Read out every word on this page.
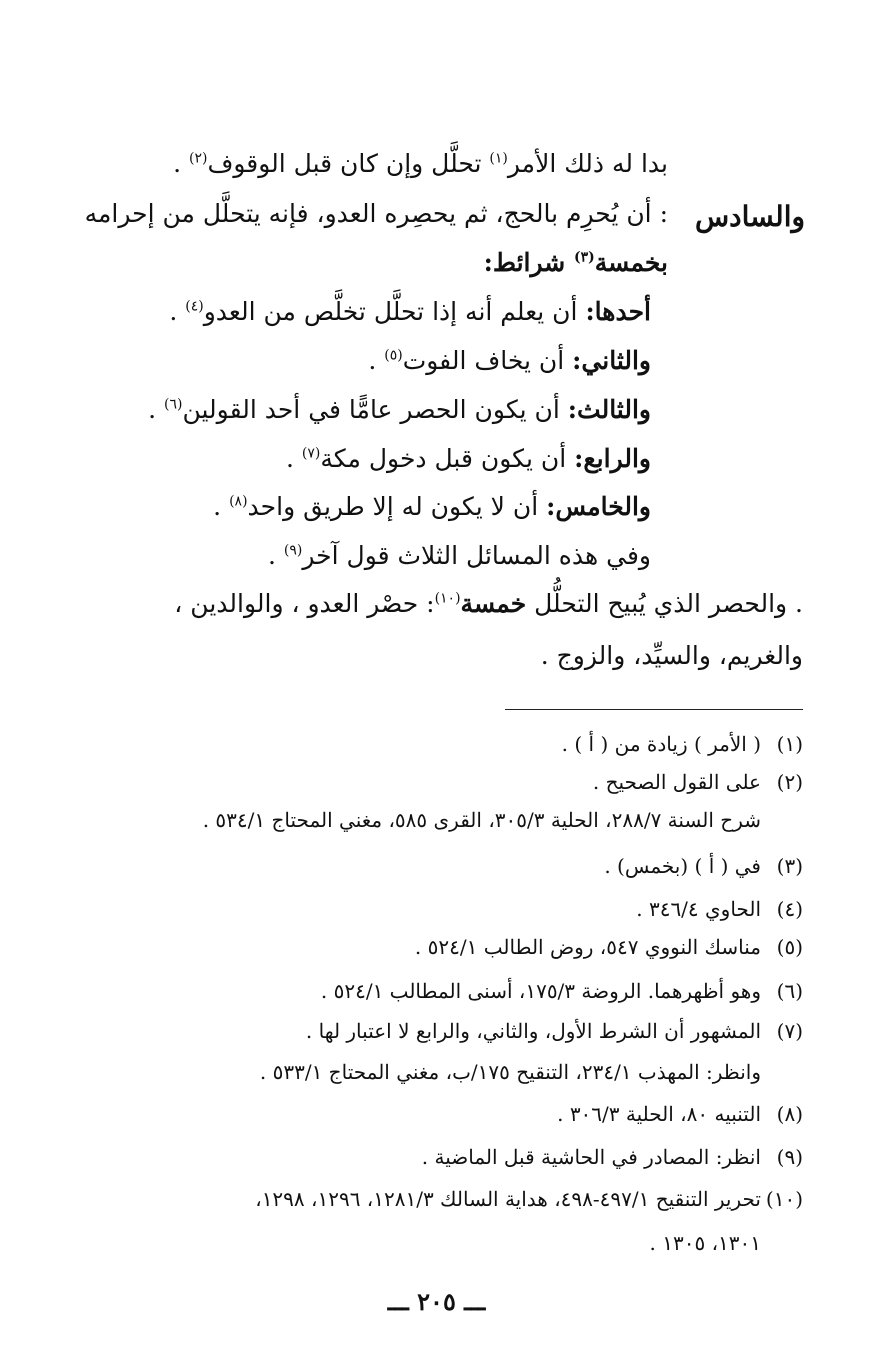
بدا له ذلك الأمر$^{(١)}$ تحلَّل وإن كان قبل الوقوف$^{(٢)}$ .
والسادس
: أن يُحرِم بالحج، ثم يحصِره العدو، فإنه يتحلَّل من إحرامه
بخمسة$^{(٣)}$ شرائط:
أحدها: أن يعلم أنه إذا تحلَّل تخلَّص من العدو$^{(٤)}$ .
والثاني: أن يخاف الفوت$^{(٥)}$ .
والثالث: أن يكون الحصر عامًّا في أحد القولين$^{(٦)}$ .
والرابع: أن يكون قبل دخول مكة$^{(٧)}$ .
والخامس: أن لا يكون له إلا طريق واحد$^{(٨)}$ .
وفي هذه المسائل الثلاث قول آخر$^{(٩)}$ .
. والحصر الذي يُبيح التحلُّل خمسة$^{(١٠)}$: حصْر العدو ، والوالدين ،
والغريم، والسيِّد، والزوج .
(١)( الأمر ) زيادة من ( أ ) .
(٢)على القول الصحيح .
شرح السنة ٢٨٨/٧، الحلية ٣٠٥/٣، القرى ٥٨٥، مغني المحتاج ٥٣٤/١ .
(٣)في ( أ ) (بخمس) .
(٤)الحاوي ٣٤٦/٤ .
(٥)مناسك النووي ٥٤٧، روض الطالب ٥٢٤/١ .
(٦)وهو أظهرهما. الروضة ١٧٥/٣، أسنى المطالب ٥٢٤/١ .
(٧)المشهور أن الشرط الأول، والثاني، والرابع لا اعتبار لها .
وانظر: المهذب ٢٣٤/١، التنقيح ١٧٥/ب، مغني المحتاج ٥٣٣/١ .
(٨)التنبيه ٨٠، الحلية ٣٠٦/٣ .
(٩)انظر: المصادر في الحاشية قبل الماضية .
(١٠)تحرير التنقيح ٤٩٧/١-٤٩٨، هداية السالك ١٢٨١/٣، ١٢٩٦، ١٢٩٨،
١٣٠١، ١٣٠٥ .
ـــ ٢٠٥ ـــ
